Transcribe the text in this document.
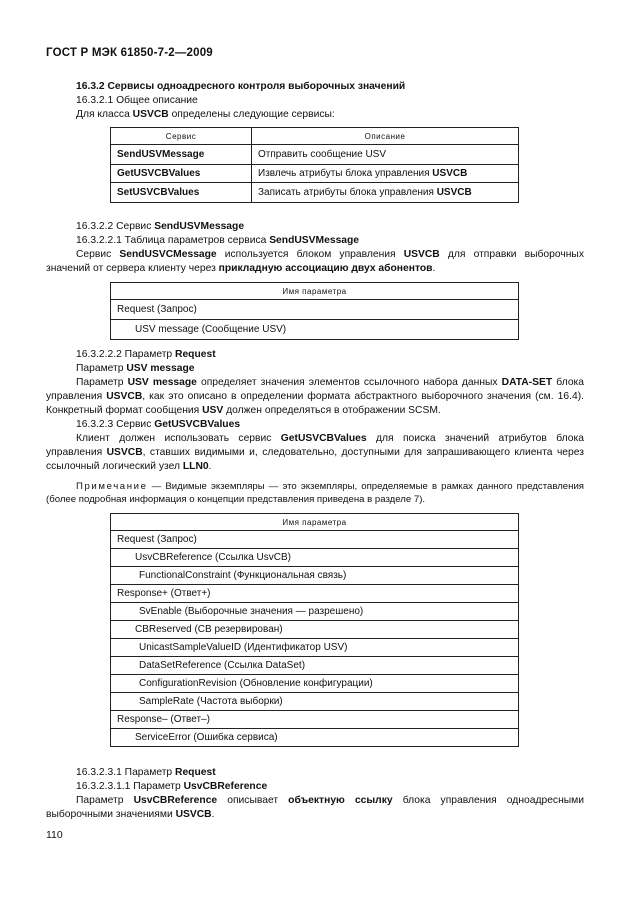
ГОСТ Р МЭК 61850-7-2—2009

16.3.2 Сервисы одноадресного контроля выборочных значений

16.3.2.1 Общее описание

Для класса USVCB определены следующие сервисы:

Сервис	Описание
SendUSVMessage	Отправить сообщение USV
GetUSVCBValues	Извлечь атрибуты блока управления USVCB
SetUSVCBValues	Записать атрибуты блока управления USVCB

16.3.2.2 Сервис SendUSVMessage

16.3.2.2.1 Таблица параметров сервиса SendUSVMessage

Сервис SendUSVCMessage используется блоком управления USVCB для отправки выборочных значений от сервера клиенту через прикладную ассоциацию двух абонентов.

Имя параметра
Request (Запрос)
USV message (Сообщение USV)

16.3.2.2.2 Параметр Request

Параметр USV message

Параметр USV message определяет значения элементов ссылочного набора данных DATA-SET блока управления USVCB, как это описано в определении формата абстрактного выборочного значения (см. 16.4). Конкретный формат сообщения USV должен определяться в отображении SCSM.

16.3.2.3 Сервис GetUSVCBValues

Клиент должен использовать сервис GetUSVCBValues для поиска значений атрибутов блока управления USVCB, ставших видимыми и, следовательно, доступными для запрашивающего клиента через ссылочный логический узел LLN0.

Примечание — Видимые экземпляры — это экземпляры, определяемые в рамках данного представления (более подробная информация о концепции представления приведена в разделе 7).

Имя параметра
Request (Запрос)
UsvCBReference (Ссылка UsvCB)
FunctionalConstraint (Функциональная связь)
Response+ (Ответ+)
SvEnable (Выборочные значения — разрешено)
CBReserved (CB резервирован)
UnicastSampleValueID (Идентификатор USV)
DataSetReference (Ссылка DataSet)
ConfigurationRevision (Обновление конфигурации)
SampleRate (Частота выборки)
Response– (Ответ–)
ServiceError (Ошибка сервиса)

16.3.2.3.1 Параметр Request

16.3.2.3.1.1 Параметр UsvCBReference

Параметр UsvCBReference описывает объектную ссылку блока управления одноадресными выборочными значениями USVCB.

110
